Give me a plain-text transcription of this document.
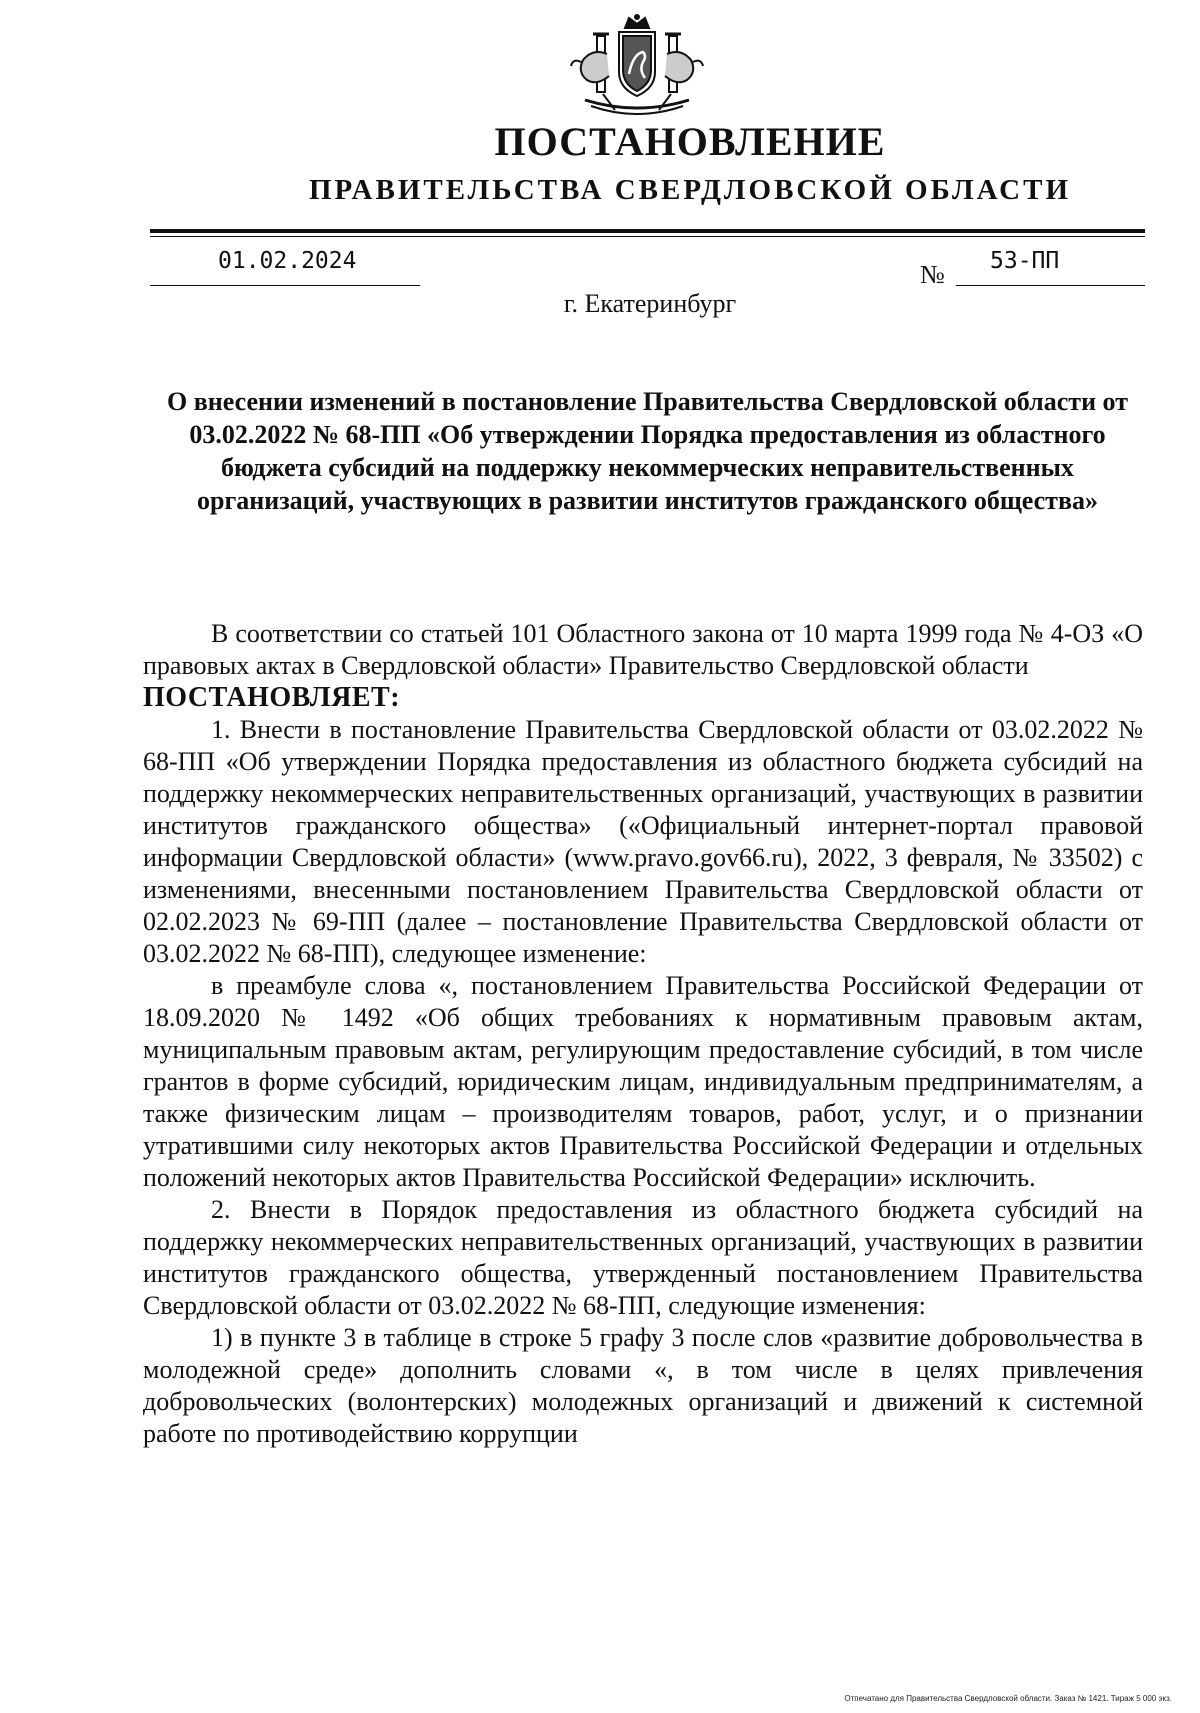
ПОСТАНОВЛЕНИЕ
ПРАВИТЕЛЬСТВА СВЕРДЛОВСКОЙ ОБЛАСТИ
01.02.2024	№ 53-ПП
г. Екатеринбург
О внесении изменений в постановление Правительства Свердловской области от 03.02.2022 № 68-ПП «Об утверждении Порядка предоставления из областного бюджета субсидий на поддержку некоммерческих неправительственных организаций, участвующих в развитии институтов гражданского общества»

В соответствии со статьей 101 Областного закона от 10 марта 1999 года № 4-ОЗ «О правовых актах в Свердловской области» Правительство Свердловской области

ПОСТАНОВЛЯЕТ:

1. Внести в постановление Правительства Свердловской области от 03.02.2022 № 68-ПП «Об утверждении Порядка предоставления из областного бюджета субсидий на поддержку некоммерческих неправительственных организаций, участвующих в развитии институтов гражданского общества» («Официальный интернет-портал правовой информации Свердловской области» (www.pravo.gov66.ru), 2022, 3 февраля, № 33502) с изменениями, внесенными постановлением Правительства Свердловской области от 02.02.2023 № 69-ПП (далее – постановление Правительства Свердловской области от 03.02.2022 № 68-ПП), следующее изменение:

в преамбуле слова «, постановлением Правительства Российской Федерации от 18.09.2020 № 1492 «Об общих требованиях к нормативным правовым актам, муниципальным правовым актам, регулирующим предоставление субсидий, в том числе грантов в форме субсидий, юридическим лицам, индивидуальным предпринимателям, а также физическим лицам – производителям товаров, работ, услуг, и о признании утратившими силу некоторых актов Правительства Российской Федерации и отдельных положений некоторых актов Правительства Российской Федерации» исключить.

2. Внести в Порядок предоставления из областного бюджета субсидий на поддержку некоммерческих неправительственных организаций, участвующих в развитии институтов гражданского общества, утвержденный постановлением Правительства Свердловской области от 03.02.2022 № 68-ПП, следующие изменения:

1) в пункте 3 в таблице в строке 5 графу 3 после слов «развитие добровольчества в молодежной среде» дополнить словами «, в том числе в целях привлечения добровольческих (волонтерских) молодежных организаций и движений к системной работе по противодействию коррупции

Отпечатано для Правительства Свердловской области. Заказ № 1421. Тираж 5 000 экз.
